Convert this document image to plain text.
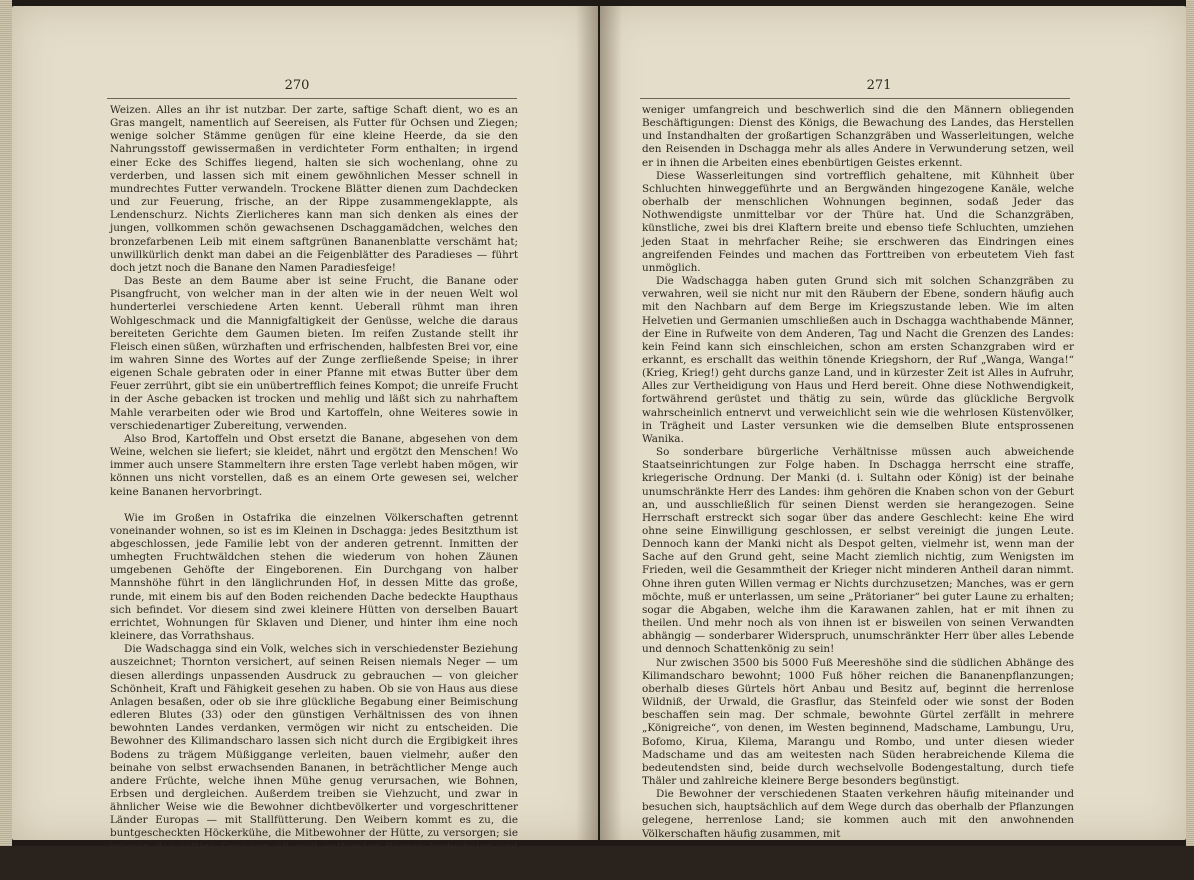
270

Weizen. Alles an ihr ist nutzbar. Der zarte, saftige Schaft dient, wo es an Gras mangelt, namentlich auf Seereisen, als Futter für Ochsen und Ziegen; wenige solcher Stämme genügen für eine kleine Heerde, da sie den Nahrungsstoff gewissermaßen in verdichteter Form enthalten; in irgend einer Ecke des Schiffes liegend, halten sie sich wochenlang, ohne zu verderben, und lassen sich mit einem gewöhnlichen Messer schnell in mundrechtes Futter verwandeln. Trockene Blätter dienen zum Dachdecken und zur Feuerung, frische, an der Rippe zusammengeklappte, als Lendenschurz. Nichts Zierlicheres kann man sich denken als eines der jungen, vollkommen schön gewachsenen Dschaggamädchen, welches den bronzefarbenen Leib mit einem saftgrünen Bananenblatte verschämt hat; unwillkürlich denkt man dabei an die Feigenblätter des Paradieses — führt doch jetzt noch die Banane den Namen Paradiesfeige!

Das Beste an dem Baume aber ist seine Frucht, die Banane oder Pisangfrucht, von welcher man in der alten wie in der neuen Welt wol hunderterlei verschiedene Arten kennt. Ueberall rühmt man ihren Wohlgeschmack und die Mannigfaltigkeit der Genüsse, welche die daraus bereiteten Gerichte dem Gaumen bieten. Im reifen Zustande stellt ihr Fleisch einen süßen, würzhaften und erfrischenden, halbfesten Brei vor, eine im wahren Sinne des Wortes auf der Zunge zerfließende Speise; in ihrer eigenen Schale gebraten oder in einer Pfanne mit etwas Butter über dem Feuer zerrührt, gibt sie ein unübertrefflich feines Kompot; die unreife Frucht in der Asche gebacken ist trocken und mehlig und läßt sich zu nahrhaftem Mahle verarbeiten oder wie Brod und Kartoffeln, ohne Weiteres sowie in verschiedenartiger Zubereitung, verwenden.

Also Brod, Kartoffeln und Obst ersetzt die Banane, abgesehen von dem Weine, welchen sie liefert; sie kleidet, nährt und ergötzt den Menschen! Wo immer auch unsere Stammeltern ihre ersten Tage verlebt haben mögen, wir können uns nicht vorstellen, daß es an einem Orte gewesen sei, welcher keine Bananen hervorbringt.

Wie im Großen in Ostafrika die einzelnen Völkerschaften getrennt voneinander wohnen, so ist es im Kleinen in Dschagga: jedes Besitzthum ist abgeschlossen, jede Familie lebt von der anderen getrennt. Inmitten der umhegten Fruchtwäldchen stehen die wiederum von hohen Zäunen umgebenen Gehöfte der Eingeborenen. Ein Durchgang von halber Mannshöhe führt in den länglichrunden Hof, in dessen Mitte das große, runde, mit einem bis auf den Boden reichenden Dache bedeckte Haupthaus sich befindet. Vor diesem sind zwei kleinere Hütten von derselben Bauart errichtet, Wohnungen für Sklaven und Diener, und hinter ihm eine noch kleinere, das Vorrathshaus.

Die Wadschagga sind ein Volk, welches sich in verschiedenster Beziehung auszeichnet; Thornton versichert, auf seinen Reisen niemals Neger — um diesen allerdings unpassenden Ausdruck zu gebrauchen — von gleicher Schönheit, Kraft und Fähigkeit gesehen zu haben. Ob sie von Haus aus diese Anlagen besaßen, oder ob sie ihre glückliche Begabung einer Beimischung edleren Blutes (33) oder den günstigen Verhältnissen des von ihnen bewohnten Landes verdanken, vermögen wir nicht zu entscheiden. Die Bewohner des Kilimandscharo lassen sich nicht durch die Ergibigkeit ihres Bodens zu trägem Müßiggange verleiten, bauen vielmehr, außer den beinahe von selbst erwachsenden Bananen, in beträchtlicher Menge auch andere Früchte, welche ihnen Mühe genug verursachen, wie Bohnen, Erbsen und dergleichen. Außerdem treiben sie Viehzucht, und zwar in ähnlicher Weise wie die Bewohner dichtbevölkerter und vorgeschrittener Länder Europas — mit Stallfütterung. Den Weibern kommt es zu, die buntgescheckten Höckerkühe, die Mitbewohner der Hütte, zu versorgen; sie müssen das saftige Gras von oft weit entfernten Bergen herbeiholen und täglich den kostbaren Dünger in Körben auf die Felder schaffen, haben also immer vollauf zu thun. Kaum

271

weniger umfangreich und beschwerlich sind die den Männern obliegenden Beschäftigungen: Dienst des Königs, die Bewachung des Landes, das Herstellen und Instandhalten der großartigen Schanzgräben und Wasserleitungen, welche den Reisenden in Dschagga mehr als alles Andere in Verwunderung setzen, weil er in ihnen die Arbeiten eines ebenbürtigen Geistes erkennt.

Diese Wasserleitungen sind vortrefflich gehaltene, mit Kühnheit über Schluchten hinweggeführte und an Bergwänden hingezogene Kanäle, welche oberhalb der menschlichen Wohnungen beginnen, sodaß Jeder das Nothwendigste unmittelbar vor der Thüre hat. Und die Schanzgräben, künstliche, zwei bis drei Klaftern breite und ebenso tiefe Schluchten, umziehen jeden Staat in mehrfacher Reihe; sie erschweren das Eindringen eines angreifenden Feindes und machen das Forttreiben von erbeutetem Vieh fast unmöglich.

Die Wadschagga haben guten Grund sich mit solchen Schanzgräben zu verwahren, weil sie nicht nur mit den Räubern der Ebene, sondern häufig auch mit den Nachbarn auf dem Berge im Kriegszustande leben. Wie im alten Helvetien und Germanien umschließen auch in Dschagga wachthabende Männer, der Eine in Rufweite von dem Anderen, Tag und Nacht die Grenzen des Landes: kein Feind kann sich einschleichen, schon am ersten Schanzgraben wird er erkannt, es erschallt das weithin tönende Kriegshorn, der Ruf „Wanga, Wanga!“ (Krieg, Krieg!) geht durchs ganze Land, und in kürzester Zeit ist Alles in Aufruhr, Alles zur Vertheidigung von Haus und Herd bereit. Ohne diese Nothwendigkeit, fortwährend gerüstet und thätig zu sein, würde das glückliche Bergvolk wahrscheinlich entnervt und verweichlicht sein wie die wehrlosen Küstenvölker, in Trägheit und Laster versunken wie die demselben Blute entsprossenen Wanika.

So sonderbare bürgerliche Verhältnisse müssen auch abweichende Staatseinrichtungen zur Folge haben. In Dschagga herrscht eine straffe, kriegerische Ordnung. Der Manki (d. i. Sultahn oder König) ist der beinahe unumschränkte Herr des Landes: ihm gehören die Knaben schon von der Geburt an, und ausschließlich für seinen Dienst werden sie herangezogen. Seine Herrschaft erstreckt sich sogar über das andere Geschlecht: keine Ehe wird ohne seine Einwilligung geschlossen, er selbst vereinigt die jungen Leute. Dennoch kann der Manki nicht als Despot gelten, vielmehr ist, wenn man der Sache auf den Grund geht, seine Macht ziemlich nichtig, zum Wenigsten im Frieden, weil die Gesammtheit der Krieger nicht minderen Antheil daran nimmt. Ohne ihren guten Willen vermag er Nichts durchzusetzen; Manches, was er gern möchte, muß er unterlassen, um seine „Prätorianer“ bei guter Laune zu erhalten; sogar die Abgaben, welche ihm die Karawanen zahlen, hat er mit ihnen zu theilen. Und mehr noch als von ihnen ist er bisweilen von seinen Verwandten abhängig — sonderbarer Widerspruch, unumschränkter Herr über alles Lebende und dennoch Schattenkönig zu sein!

Nur zwischen 3500 bis 5000 Fuß Meereshöhe sind die südlichen Abhänge des Kilimandscharo bewohnt; 1000 Fuß höher reichen die Bananenpflanzungen; oberhalb dieses Gürtels hört Anbau und Besitz auf, beginnt die herrenlose Wildniß, der Urwald, die Grasflur, das Steinfeld oder wie sonst der Boden beschaffen sein mag. Der schmale, bewohnte Gürtel zerfällt in mehrere „Königreiche“, von denen, im Westen beginnend, Madschame, Lambungu, Uru, Bofomo, Kirua, Kilema, Marangu und Rombo, und unter diesen wieder Madschame und das am weitesten nach Süden herabreichende Kilema die bedeutendsten sind, beide durch wechselvolle Bodengestaltung, durch tiefe Thäler und zahlreiche kleinere Berge besonders begünstigt.

Die Bewohner der verschiedenen Staaten verkehren häufig miteinander und besuchen sich, hauptsächlich auf dem Wege durch das oberhalb der Pflanzungen gelegene, herrenlose Land; sie kommen auch mit den anwohnenden Völkerschaften häufig zusammen, mit
